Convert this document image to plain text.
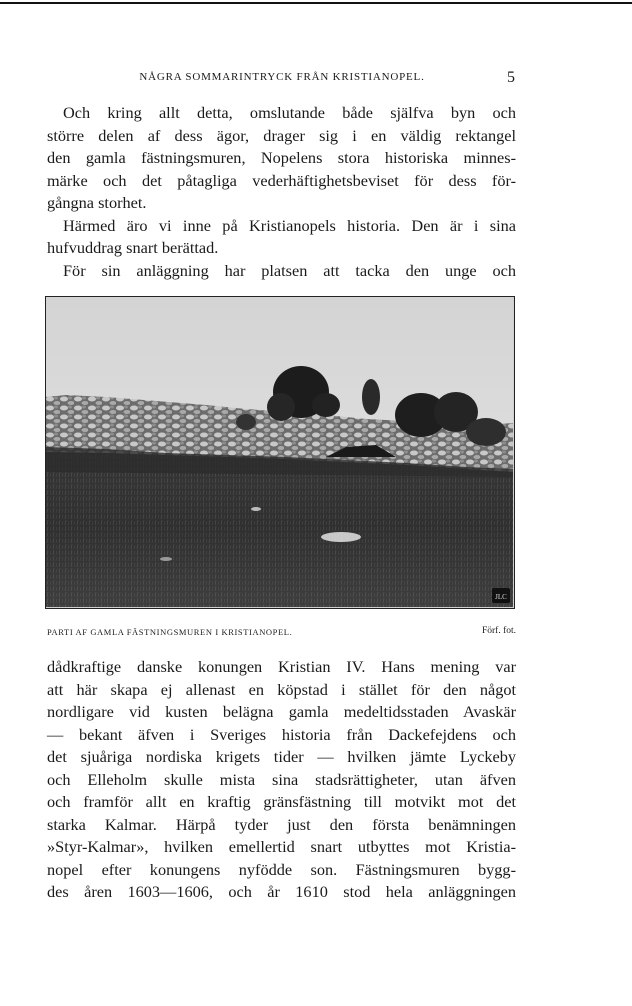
NÅGRA SOMMARINTRYCK FRÅN KRISTIANOPEL.	5

Och kring allt detta, omslutande både själfva byn och
större delen af dess ägor, drager sig i en väldig rektangel
den gamla fästningsmuren, Nopelens stora historiska minnes-
märke och det påtagliga vederhäftighetsbeviset för dess för-
gångna storhet.

Härmed äro vi inne på Kristianopels historia. Den är i sina
hufvuddrag snart berättad.

För sin anläggning har platsen att tacka den unge och

JLC
PARTI AF GAMLA FÄSTNINGSMUREN I KRISTIANOPEL.	Förf. fot.

dådkraftige danske konungen Kristian IV. Hans mening var
att här skapa ej allenast en köpstad i stället för den något
nordligare vid kusten belägna gamla medeltidsstaden Avaskär
— bekant äfven i Sveriges historia från Dackefejdens och
det sjuåriga nordiska krigets tider — hvilken jämte Lyckeby
och Elleholm skulle mista sina stadsrättigheter, utan äfven
och framför allt en kraftig gränsfästning till motvikt mot det
starka Kalmar. Härpå tyder just den första benämningen
»Styr-Kalmar», hvilken emellertid snart utbyttes mot Kristia-
nopel efter konungens nyfödde son. Fästningsmuren bygg-
des åren 1603—1606, och år 1610 stod hela anläggningen
